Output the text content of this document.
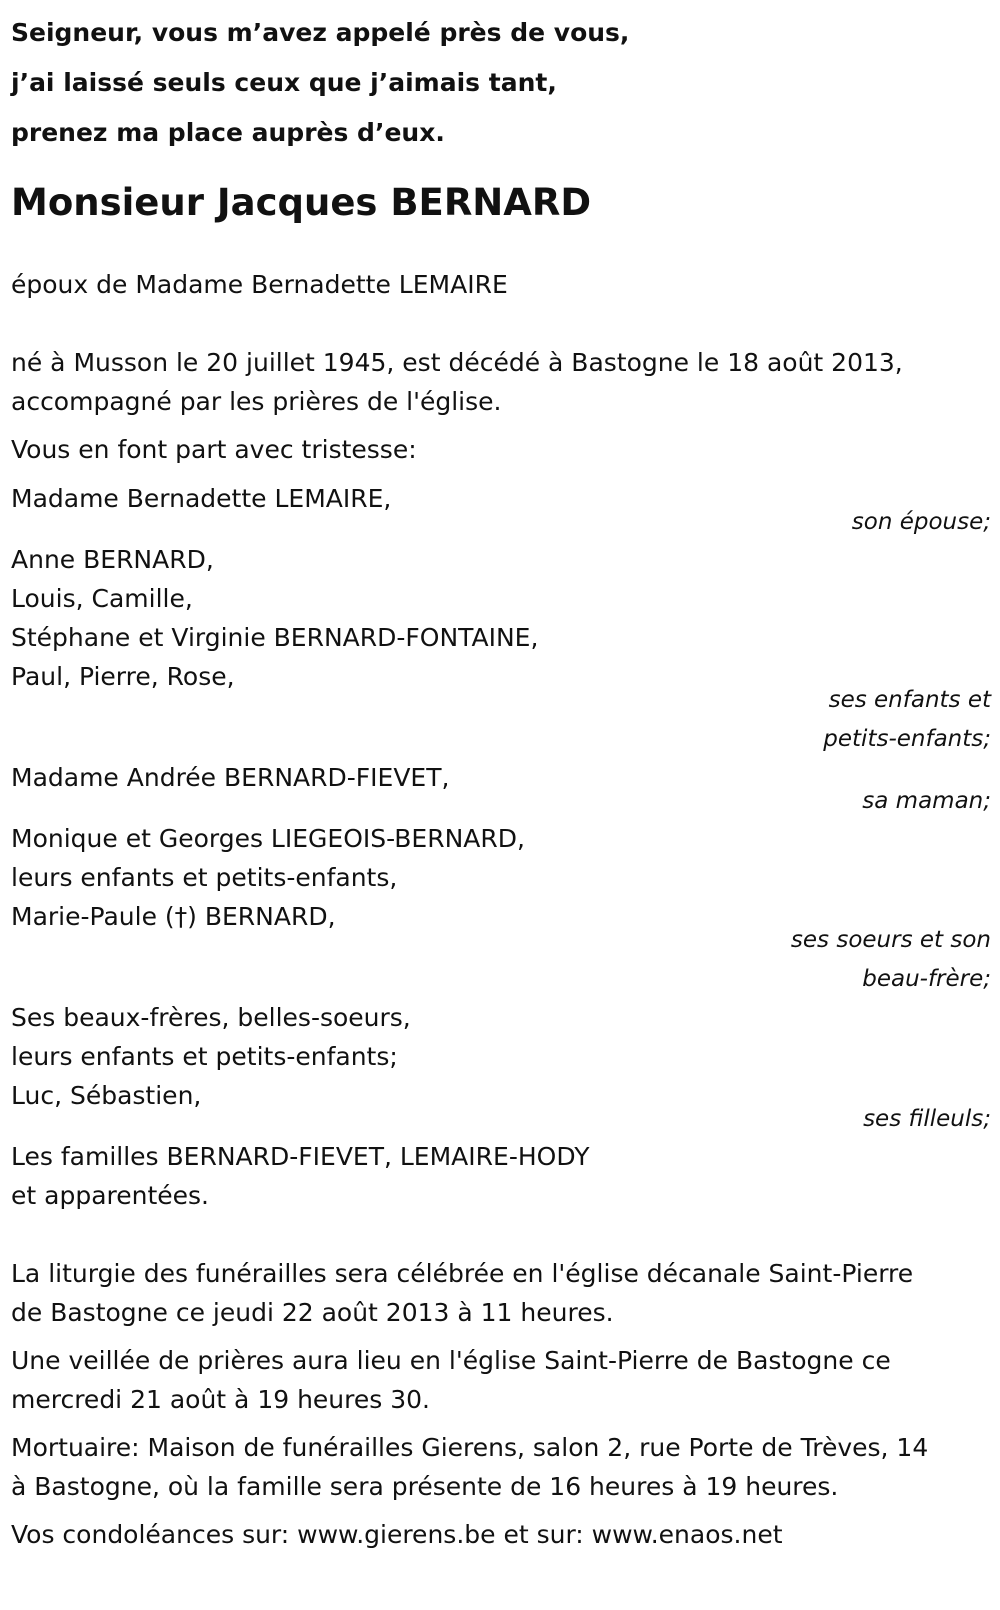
Seigneur, vous m’avez appelé près de vous,
j’ai laissé seuls ceux que j’aimais tant,
prenez ma place auprès d’eux.
Monsieur Jacques BERNARD
époux de Madame Bernadette LEMAIRE
né à Musson le 20 juillet 1945, est décédé à Bastogne le 18 août 2013,
accompagné par les prières de l'église.
Vous en font part avec tristesse:
Madame Bernadette LEMAIRE,
son épouse;
Anne BERNARD,
Louis, Camille,
Stéphane et Virginie BERNARD-FONTAINE,
Paul, Pierre, Rose,
ses enfants et
petits-enfants;
Madame Andrée BERNARD-FIEVET,
sa maman;
Monique et Georges LIEGEOIS-BERNARD,
leurs enfants et petits-enfants,
Marie-Paule (†) BERNARD,
ses soeurs et son
beau-frère;
Ses beaux-frères, belles-soeurs,
leurs enfants et petits-enfants;
Luc, Sébastien,
ses filleuls;
Les familles BERNARD-FIEVET, LEMAIRE-HODY
et apparentées.
La liturgie des funérailles sera célébrée en l'église décanale Saint-Pierre
de Bastogne ce jeudi 22 août 2013 à 11 heures.
Une veillée de prières aura lieu en l'église Saint-Pierre de Bastogne ce
mercredi 21 août à 19 heures 30.
Mortuaire: Maison de funérailles Gierens, salon 2, rue Porte de Trèves, 14
à Bastogne, où la famille sera présente de 16 heures à 19 heures.
Vos condoléances sur: www.gierens.be et sur: www.enaos.net
